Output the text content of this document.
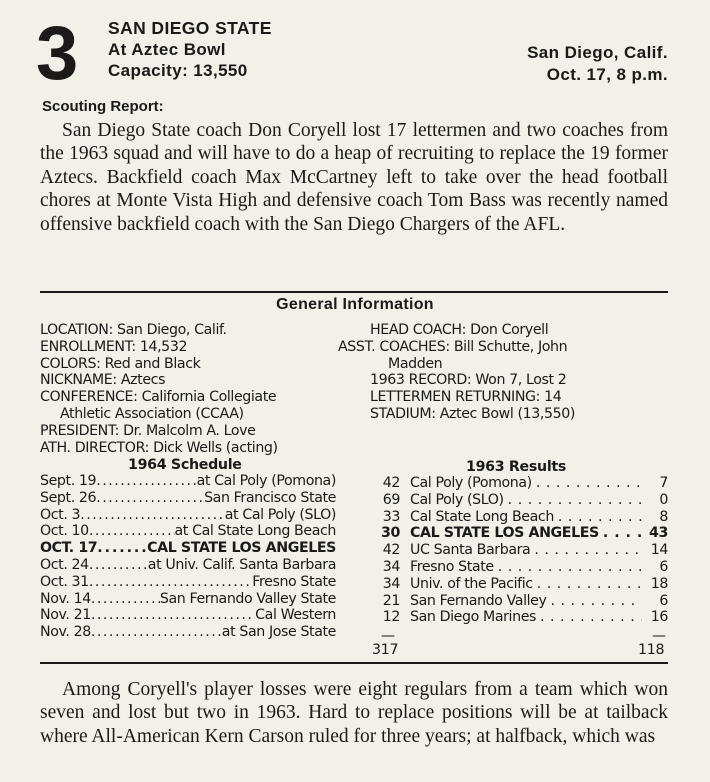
3 SAN DIEGO STATE
At Aztec Bowl
Capacity: 13,550
San Diego, Calif.
Oct. 17, 8 p.m.
Scouting Report:
San Diego State coach Don Coryell lost 17 lettermen and two coaches from the 1963 squad and will have to do a heap of recruiting to replace the 19 former Aztecs. Backfield coach Max McCartney left to take over the head football chores at Monte Vista High and defensive coach Tom Bass was recently named offensive backfield coach with the San Diego Chargers of the AFL.
General Information
LOCATION: San Diego, Calif.
ENROLLMENT: 14,532
COLORS: Red and Black
NICKNAME: Aztecs
CONFERENCE: California Collegiate
Athletic Association (CCAA)
PRESIDENT: Dr. Malcolm A. Love
ATH. DIRECTOR: Dick Wells (acting)
HEAD COACH: Don Coryell
ASST. COACHES: Bill Schutte, John
Madden
1963 RECORD: Won 7, Lost 2
LETTERMEN RETURNING: 14
STADIUM: Aztec Bowl (13,550)
1964 Schedule
Sept. 19 . . .	at Cal Poly (Pomona)
Sept. 26 . . .	San Francisco State
Oct. 3 . . .	at Cal Poly (SLO)
Oct. 10 . . .	at Cal State Long Beach
OCT. 17 . . .	CAL STATE LOS ANGELES
Oct. 24 . . .	at Univ. Calif. Santa Barbara
Oct. 31 . . .	Fresno State
Nov. 14 . . .	San Fernando Valley State
Nov. 21 . . .	Cal Western
Nov. 28 . . .	at San Jose State
1963 Results
42 Cal Poly (Pomona) . . .	7
69 Cal Poly (SLO) . . .	0
33 Cal State Long Beach . . .	8
30 CAL STATE LOS ANGELES . . .	43
42 UC Santa Barbara . . .	14
34 Fresno State . . .	6
34 Univ. of the Pacific . . .	18
21 San Fernando Valley . . .	6
12 San Diego Marines . . .	16
—	—
317	118
Among Coryell's player losses were eight regulars from a team which won seven and lost but two in 1963. Hard to replace positions will be at tailback where All-American Kern Carson ruled for three years; at halfback, which was
